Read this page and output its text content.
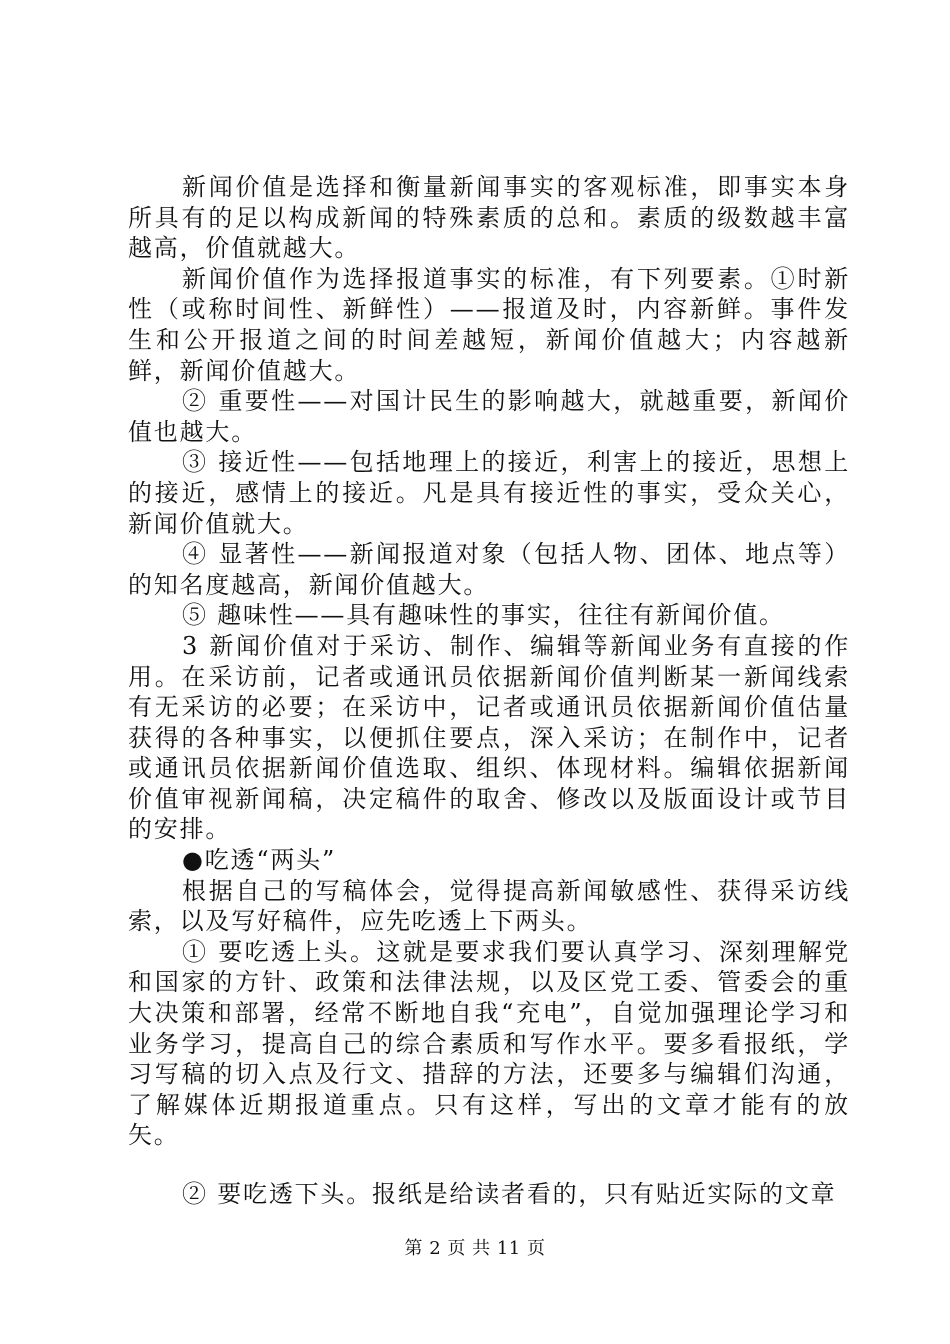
新闻价值是选择和衡量新闻事实的客观标准，即事实本身所具有的足以构成新闻的特殊素质的总和。素质的级数越丰富越高，价值就越大。

新闻价值作为选择报道事实的标准，有下列要素。①时新性（或称时间性、新鲜性）——报道及时，内容新鲜。事件发生和公开报道之间的时间差越短，新闻价值越大；内容越新鲜，新闻价值越大。

② 重要性——对国计民生的影响越大，就越重要，新闻价值也越大。

③ 接近性——包括地理上的接近，利害上的接近，思想上的接近，感情上的接近。凡是具有接近性的事实，受众关心，新闻价值就大。

④ 显著性——新闻报道对象（包括人物、团体、地点等）的知名度越高，新闻价值越大。

⑤ 趣味性——具有趣味性的事实，往往有新闻价值。

3 新闻价值对于采访、制作、编辑等新闻业务有直接的作用。在采访前，记者或通讯员依据新闻价值判断某一新闻线索有无采访的必要；在采访中，记者或通讯员依据新闻价值估量获得的各种事实，以便抓住要点，深入采访；在制作中，记者或通讯员依据新闻价值选取、组织、体现材料。编辑依据新闻价值审视新闻稿，决定稿件的取舍、修改以及版面设计或节目的安排。

●吃透“两头”

根据自己的写稿体会，觉得提高新闻敏感性、获得采访线索，以及写好稿件，应先吃透上下两头。

① 要吃透上头。这就是要求我们要认真学习、深刻理解党和国家的方针、政策和法律法规，以及区党工委、管委会的重大决策和部署，经常不断地自我“充电”，自觉加强理论学习和业务学习，提高自己的综合素质和写作水平。要多看报纸，学习写稿的切入点及行文、措辞的方法，还要多与编辑们沟通，了解媒体近期报道重点。只有这样，写出的文章才能有的放矢。

② 要吃透下头。报纸是给读者看的，只有贴近实际的文章

第 2 页 共 11 页
